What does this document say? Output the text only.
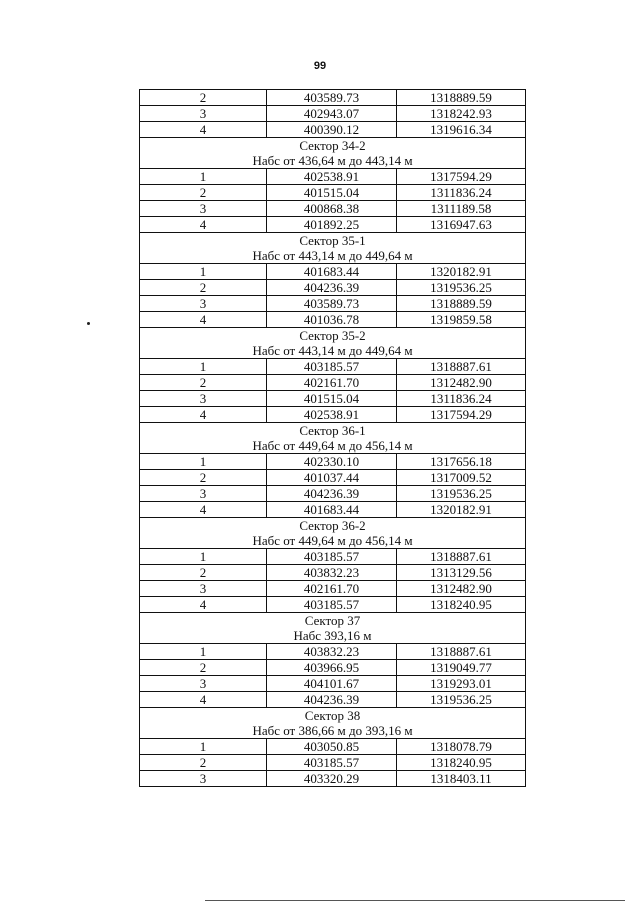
99
2	403589.73	1318889.59
3	402943.07	1318242.93
4	400390.12	1319616.34

Сектор 34-2
Набс от 436,64 м до 443,14 м		

1	402538.91	1317594.29
2	401515.04	1311836.24
3	400868.38	1311189.58
4	401892.25	1316947.63

Сектор 35-1
Набс от 443,14 м до 449,64 м		

1	401683.44	1320182.91
2	404236.39	1319536.25
3	403589.73	1318889.59
4	401036.78	1319859.58

Сектор 35-2
Набс от 443,14 м до 449,64 м		

1	403185.57	1318887.61
2	402161.70	1312482.90
3	401515.04	1311836.24
4	402538.91	1317594.29

Сектор 36-1
Набс от 449,64 м до 456,14 м		

1	402330.10	1317656.18
2	401037.44	1317009.52
3	404236.39	1319536.25
4	401683.44	1320182.91

Сектор 36-2
Набс от 449,64 м до 456,14 м		

1	403185.57	1318887.61
2	403832.23	1313129.56
3	402161.70	1312482.90
4	403185.57	1318240.95

Сектор 37
Набс 393,16 м		

1	403832.23	1318887.61
2	403966.95	1319049.77
3	404101.67	1319293.01
4	404236.39	1319536.25

Сектор 38
Набс от 386,66 м до 393,16 м		

1	403050.85	1318078.79
2	403185.57	1318240.95
3	403320.29	1318403.11
